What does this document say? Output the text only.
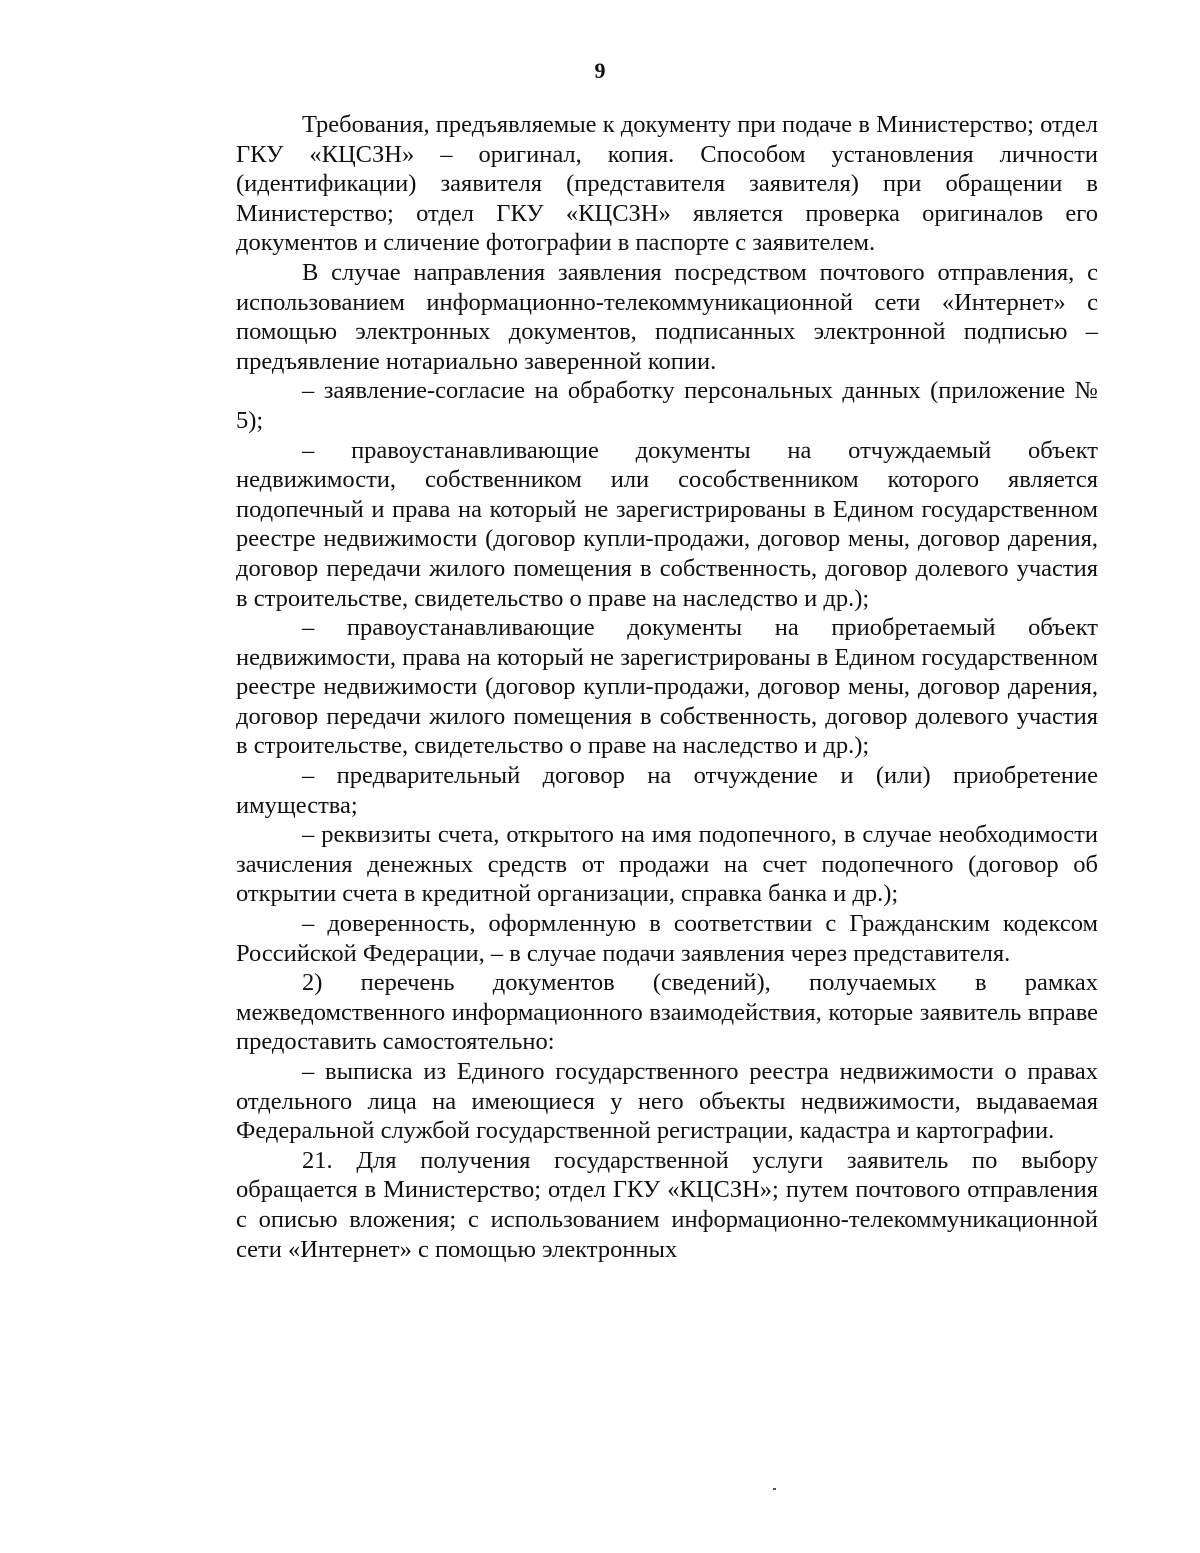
9

Требования, предъявляемые к документу при подаче в Министерство; отдел ГКУ «КЦСЗН» – оригинал, копия. Способом установления личности (идентификации) заявителя (представителя заявителя) при обращении в Министерство; отдел ГКУ «КЦСЗН» является проверка оригиналов его документов и сличение фотографии в паспорте с заявителем.

В случае направления заявления посредством почтового отправления, с использованием информационно-телекоммуникационной сети «Интернет» с помощью электронных документов, подписанных электронной подписью – предъявление нотариально заверенной копии.

– заявление-согласие на обработку персональных данных (приложение № 5);

– правоустанавливающие документы на отчуждаемый объект недвижимости, собственником или сособственником которого является подопечный и права на который не зарегистрированы в Едином государственном реестре недвижимости (договор купли-продажи, договор мены, договор дарения, договор передачи жилого помещения в собственность, договор долевого участия в строительстве, свидетельство о праве на наследство и др.);

– правоустанавливающие документы на приобретаемый объект недвижимости, права на который не зарегистрированы в Едином государственном реестре недвижимости (договор купли-продажи, договор мены, договор дарения, договор передачи жилого помещения в собственность, договор долевого участия в строительстве, свидетельство о праве на наследство и др.);

– предварительный договор на отчуждение и (или) приобретение имущества;

– реквизиты счета, открытого на имя подопечного, в случае необходимости зачисления денежных средств от продажи на счет подопечного (договор об открытии счета в кредитной организации, справка банка и др.);

– доверенность, оформленную в соответствии с Гражданским кодексом Российской Федерации, – в случае подачи заявления через представителя.

2) перечень документов (сведений), получаемых в рамках межведомственного информационного взаимодействия, которые заявитель вправе предоставить самостоятельно:

– выписка из Единого государственного реестра недвижимости о правах отдельного лица на имеющиеся у него объекты недвижимости, выдаваемая Федеральной службой государственной регистрации, кадастра и картографии.

21. Для получения государственной услуги заявитель по выбору обращается в Министерство; отдел ГКУ «КЦСЗН»; путем почтового отправления с описью вложения; с использованием информационно-телекоммуникационной сети «Интернет» с помощью электронных
